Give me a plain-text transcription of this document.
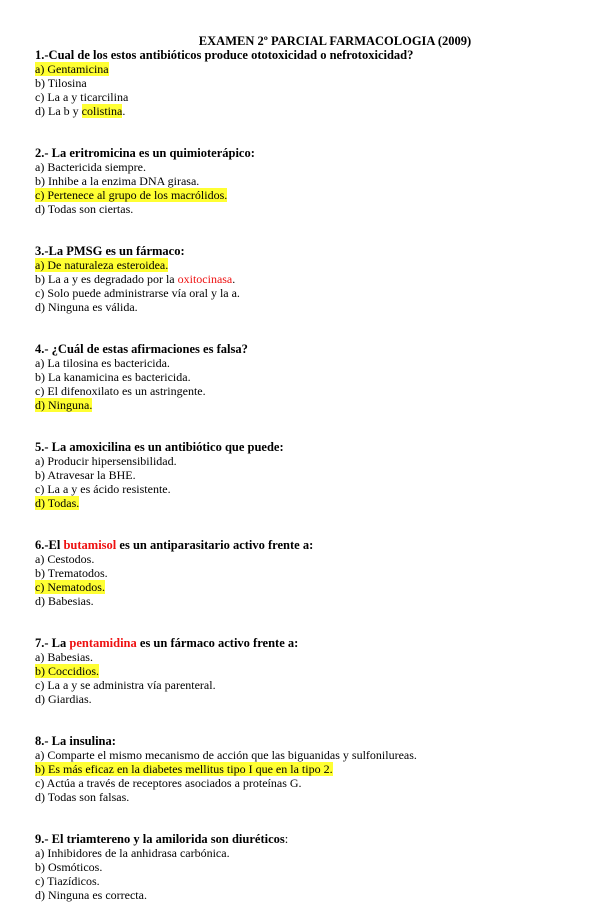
EXAMEN 2º PARCIAL FARMACOLOGIA (2009)
1.-Cual de los estos antibióticos produce ototoxicidad o nefrotoxicidad?
a) Gentamicina
b) Tilosina
c) La a y ticarcilina
d) La b y colistina.
2.- La eritromicina es un quimioterápico:
a) Bactericida siempre.
b) Inhibe a la enzima DNA girasa.
c) Pertenece al grupo de los macrólidos.
d) Todas son ciertas.
3.-La PMSG es un fármaco:
a) De naturaleza esteroidea.
b) La a y es degradado por la oxitocinasa.
c) Solo puede administrarse vía oral y la a.
d) Ninguna es válida.
4.- ¿Cuál de estas afirmaciones es falsa?
a) La tilosina es bactericida.
b) La kanamicina es bactericida.
c) El difenoxilato es un astringente.
d) Ninguna.
5.- La amoxicilina es un antibiótico que puede:
a) Producir hipersensibilidad.
b) Atravesar la BHE.
c) La a y es ácido resistente.
d) Todas.
6.-El butamisol es un antiparasitario activo frente a:
a) Cestodos.
b) Trematodos.
c) Nematodos.
d) Babesias.
7.- La pentamidina es un fármaco activo frente a:
a) Babesias.
b) Coccidios.
c) La a y se administra vía parenteral.
d) Giardias.
8.- La insulina:
a) Comparte el mismo mecanismo de acción que las biguanidas y sulfonilureas.
b) Es más eficaz en la diabetes mellitus tipo I que en la tipo 2.
c) Actúa a través de receptores asociados a proteínas G.
d) Todas son falsas.
9.- El triamtereno y la amilorida son diuréticos:
a) Inhibidores de la anhidrasa carbónica.
b) Osmóticos.
c) Tiazídicos.
d) Ninguna es correcta.
